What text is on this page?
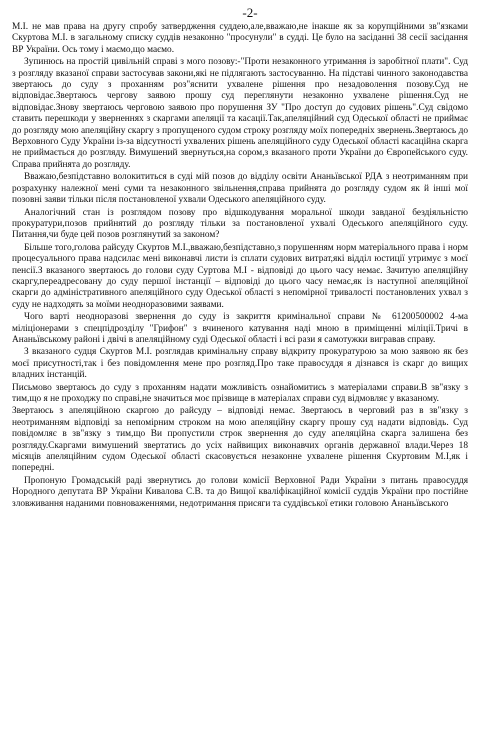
-2-

М.І. не мав права на другу спробу затвердження суддею,але,вважаю,не інакше як за корупційними зв"язками Скуртова М.І. в загальному списку суддів незаконно "просунули" в судді. Це було на засіданні 38 сесії засідання ВР України. Ось тому і маємо,що маємо.

Зупинюсь на простій цивільній справі з мого позову:-"Проти незаконного утримання із заробітної плати". Суд з розгляду вказаної справи застосував закони,які не підлягають застосуванню. На підставі чинного законодавства звертаюсь до суду з проханням роз"яснити ухвалене рішення про незадоволення позову.Суд не відповідає.Звертаюсь чергову заявою прошу суд переглянути незаконно ухвалене рішення.Суд не відповідає.Знову звертаюсь черговою заявою про порушення ЗУ "Про доступ до судових рішень".Суд свідомо ставить перешкоди у зверненнях з скаргами апеляції та касації.Так,апеляційний суд Одеської області не приймає до розгляду мою апеляційну скаргу з пропущеного судом строку розгляду моїх попередніх звернень.Звертаюсь до Верховного Суду України із-за відсутності ухвалених рішень апеляційного суду Одеської області касаційна скарга не приймається до розгляду. Вимушений звернуться,на сором,з вказаного проти України до Європейського суду. Справа прийнята до розгляду.

Вважаю,безпідставно волокититься в суді мій позов до відділу освіти Ананьївської РДА з неотриманням при розрахунку належної мені суми та незаконного звільнення,справа прийнята до розгляду судом як й інші мої позовні заяви тільки після постановленої ухвали Одеського апеляційного суду.

Аналогічний стан із розглядом позову про відшкодування моральної шкоди завданої бездіяльністю прокуратури,позов прийнятий до розгляду тільки за постановленої ухвалі Одеського апеляційного суду. Питання,чи буде цей позов розглянутий за законом?

Більше того,голова райсуду Скуртов М.І.,вважаю,безпідставно,з порушенням норм матеріального права і норм процесуального права надсилає мені виконавчі листи із сплати судових витрат,які відділ юстиції утримує з моєї пенсії.З вказаного звертаюсь до голови суду Суртова М.І - відповіді до цього часу немає. Зачитую апеляційну скаргу,переадресовану до суду першої інстанції – відповіді до цього часу немає,як із наступної апеляційної скарги до адміністративного апеляційного суду Одеської області з непомірної тривалості постановлених ухвал з суду не надходять за моїми неодноразовими заявами.

Чого варті неодноразові звернення до суду із закриття кримінальної справи № 61200500002 4-ма міліціонерами з спецпідрозділу "Грифон" з вчиненого катування наді мною в приміщенні міліції.Тричі в Ананьївському районі і двічі в апеляційному суді Одеської області і всі рази я самотужки вигравав справу.

З вказаного судця Скуртов М.І. розглядав кримінальну справу відкриту прокуратурою за мою заявою як без моєї присутності,так і без повідомлення мене про розгляд.Про таке правосуддя я дізнався із скарг до вищих владних інстанцій.

Письмово звертаюсь до суду з проханням надати можливість ознайомитись з матеріалами справи.В зв"язку з тим,що я не проходжу по справі,не значиться моє прізвище в матеріалах справи суд відмовляє у вказаному.

Звертаюсь з апеляційною скаргою до райсуду – відповіді немає. Звертаюсь в черговий раз в зв"язку з неотриманням відповіді за непомірним строком на мою апеляційну скаргу прошу суд надати відповідь. Суд повідомляє в зв"язку з тим,що Ви пропустили строк звернення до суду апеляційна скарга залишена без розгляду.Скаргами вимушений звертатись до усіх найвищих виконавчих органів державної влади.Через 18 місяців апеляційним судом Одеської області скасовується незаконне ухвалене рішення Скуртовим М.І,як і попередні.

Пропоную Громадській раді звернутись до голови комісії Верховної Ради України з питань правосуддя Нородного депутата ВР України Кивалова С.В. та до Вищої кваліфікаційної комісії суддів України про постійне зловживання наданими повноваженнями, недотримання присяги та суддівської етики головою Ананьївського
